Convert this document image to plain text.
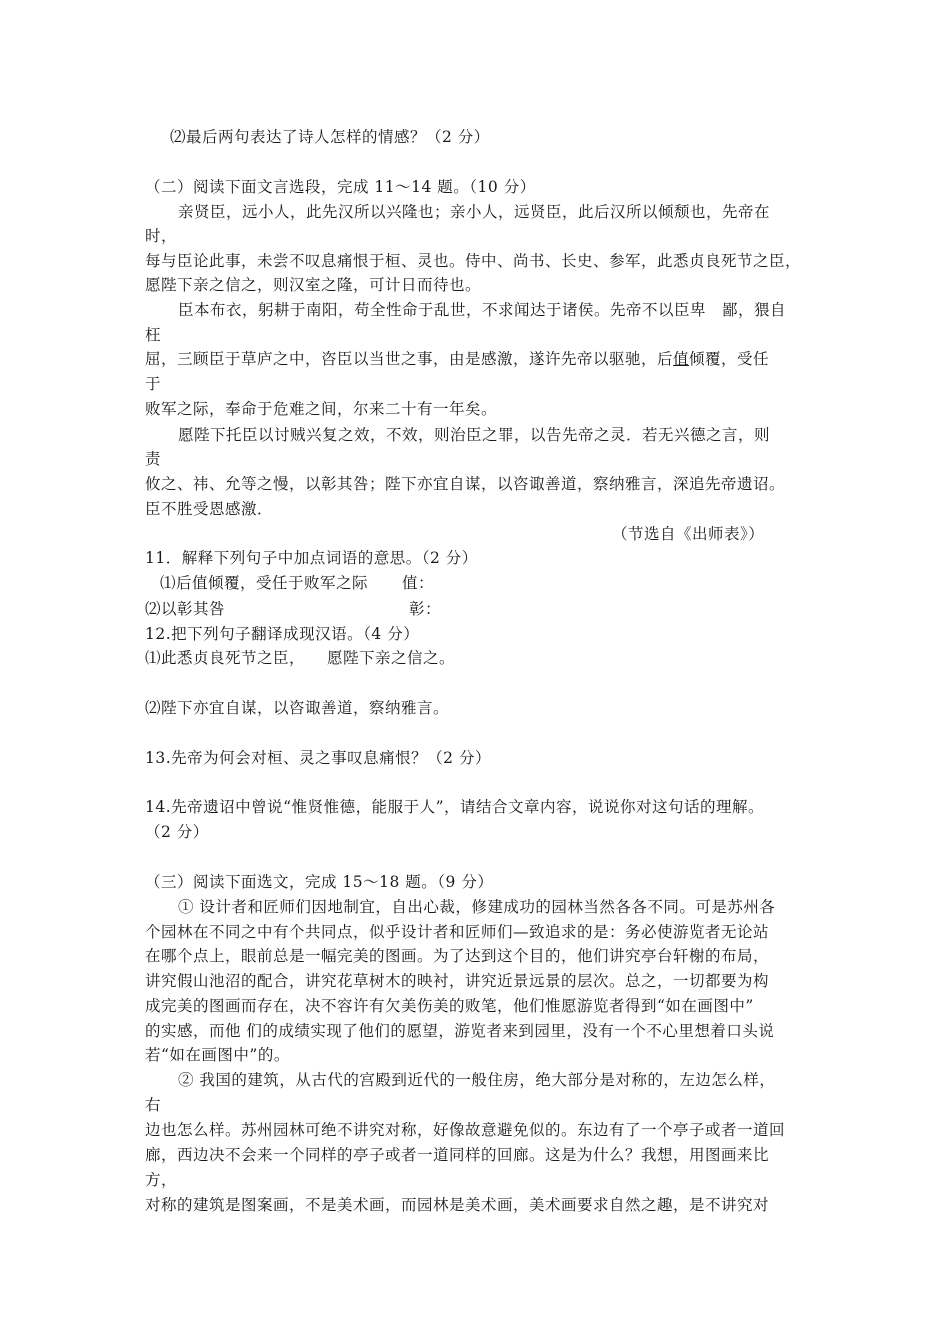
⑵最后两句表达了诗人怎样的情感？（2 分）
（二）阅读下面文言选段，完成 11～14 题。（10 分）
亲贤臣，远小人，此先汉所以兴隆也；亲小人，远贤臣，此后汉所以倾颓也，先帝在
时，
每与臣论此事，未尝不叹息痛恨于桓、灵也。侍中、尚书、长史、参军，此悉贞良死节之臣，
愿陛下亲之信之，则汉室之隆，可计日而待也。
臣本布衣，躬耕于南阳，苟全性命于乱世，不求闻达于诸侯。先帝不以臣卑　鄙，猥自
枉
屈，三顾臣于草庐之中，咨臣以当世之事，由是感激，遂许先帝以驱驰，后值倾覆，受任
于
败军之际，奉命于危难之间，尔来二十有一年矣。
愿陛下托臣以讨贼兴复之效，不效，则治臣之罪，以告先帝之灵．若无兴德之言，则
责
攸之、祎、允等之慢，以彰其咎；陛下亦宜自谋，以咨诹善道，察纳雅言，深追先帝遗诏。
臣不胜受恩感激．
（节选自《出师表》）
11．解释下列句子中加点词语的意思。（2 分）
⑴后值倾覆，受任于败军之际 值：
⑵以彰其咎	彰：
12.把下列句子翻译成现汉语。（4 分）
⑴此悉贞良死节之臣， 愿陛下亲之信之。
⑵陛下亦宜自谋，以咨诹善道，察纳雅言。
13.先帝为何会对桓、灵之事叹息痛恨？（2 分）
14.先帝遗诏中曾说“惟贤惟德，能服于人”，请结合文章内容，说说你对这句话的理解。
（2 分）
（三）阅读下面选文，完成 15～18 题。（9 分）
① 设计者和匠师们因地制宜，自出心裁，修建成功的园林当然各各不同。可是苏州各
个园林在不同之中有个共同点，似乎设计者和匠师们—致追求的是：务必使游览者无论站
在哪个点上，眼前总是一幅完美的图画。为了达到这个目的，他们讲究亭台轩榭的布局，
讲究假山池沼的配合，讲究花草树木的映衬，讲究近景远景的层次。总之，一切都要为构
成完美的图画而存在，决不容许有欠美伤美的败笔，他们惟愿游览者得到“如在画图中”
的实感，而他 们的成绩实现了他们的愿望，游览者来到园里，没有一个不心里想着口头说
若“如在画图中”的。
② 我国的建筑，从古代的宫殿到近代的一般住房，绝大部分是对称的，左边怎么样，
右
边也怎么样。苏州园林可绝不讲究对称，好像故意避免似的。东边有了一个亭子或者一道回
廊，西边决不会来一个同样的亭子或者一道同样的回廊。这是为什么？我想，用图画来比
方，
对称的建筑是图案画，不是美术画，而园林是美术画，美术画要求自然之趣，是不讲究对
